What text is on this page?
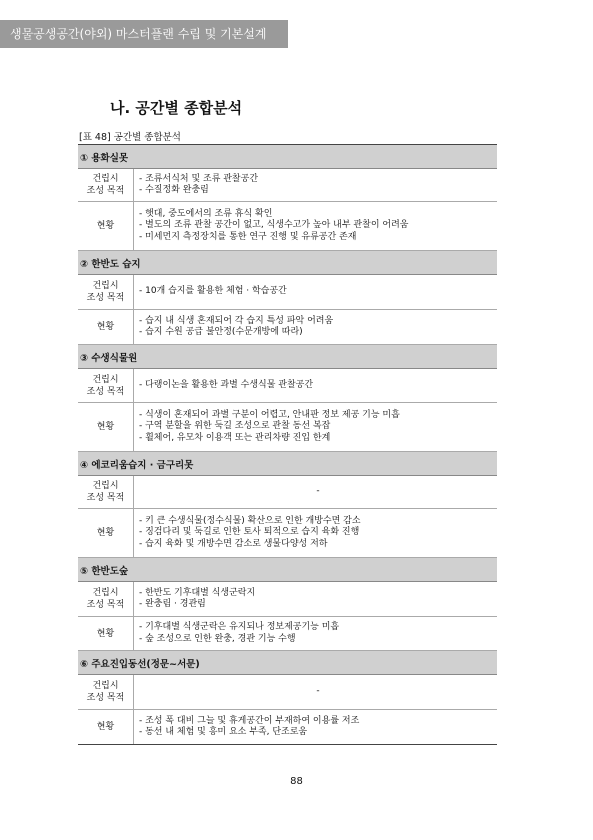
생물공생공간(야외) 마스터플랜 수립 및 기본설계
나. 공간별 종합분석
[표 48] 공간별 종합분석
① 용화실못
건립시
조성 목적
- 조류서식처 및 조류 관찰공간
- 수질정화 완충림
현황
- 햇대, 중도에서의 조류 휴식 확인
- 별도의 조류 관찰 공간이 없고, 식생수고가 높아 내부 관찰이 어려움
- 미세먼지 측정장치를 통한 연구 진행 및 유류공간 존재
② 한반도 습지
건립시
조성 목적
- 10개 습지를 활용한 체험 · 학습공간
현황
- 습지 내 식생 혼재되어 각 습지 특성 파악 어려움
- 습지 수원 공급 불안정(수문개방에 따라)
③ 수생식물원
건립시
조성 목적
- 다랭이논을 활용한 과별 수생식물 관찰공간
현황
- 식생이 혼재되어 과별 구분이 어렵고, 안내판 정보 제공 기능 미흡
- 구역 분할을 위한 둑길 조성으로 관찰 동선 복잡
- 휠체어, 유모차 이용객 또는 관리차량 진입 한계
④ 에코리움습지 · 금구리못
건립시
조성 목적
-
현황
- 키 큰 수생식물(정수식물) 확산으로 인한 개방수면 감소
- 징검다리 및 둑길로 인한 토사 퇴적으로 습지 육화 진행
- 습지 육화 및 개방수면 감소로 생물다양성 저하
⑤ 한반도숲
건립시
조성 목적
- 한반도 기후대별 식생군락지
- 완충림 · 경관림
현황
- 기후대별 식생군락은 유지되나 정보제공기능 미흡
- 숲 조성으로 인한 완충, 경관 기능 수행
⑥ 주요진입동선(정문~서문)
건립시
조성 목적
-
현황
- 조성 폭 대비 그늘 및 휴게공간이 부재하여 이용률 저조
- 동선 내 체험 및 흥미 요소 부족, 단조로움
88
